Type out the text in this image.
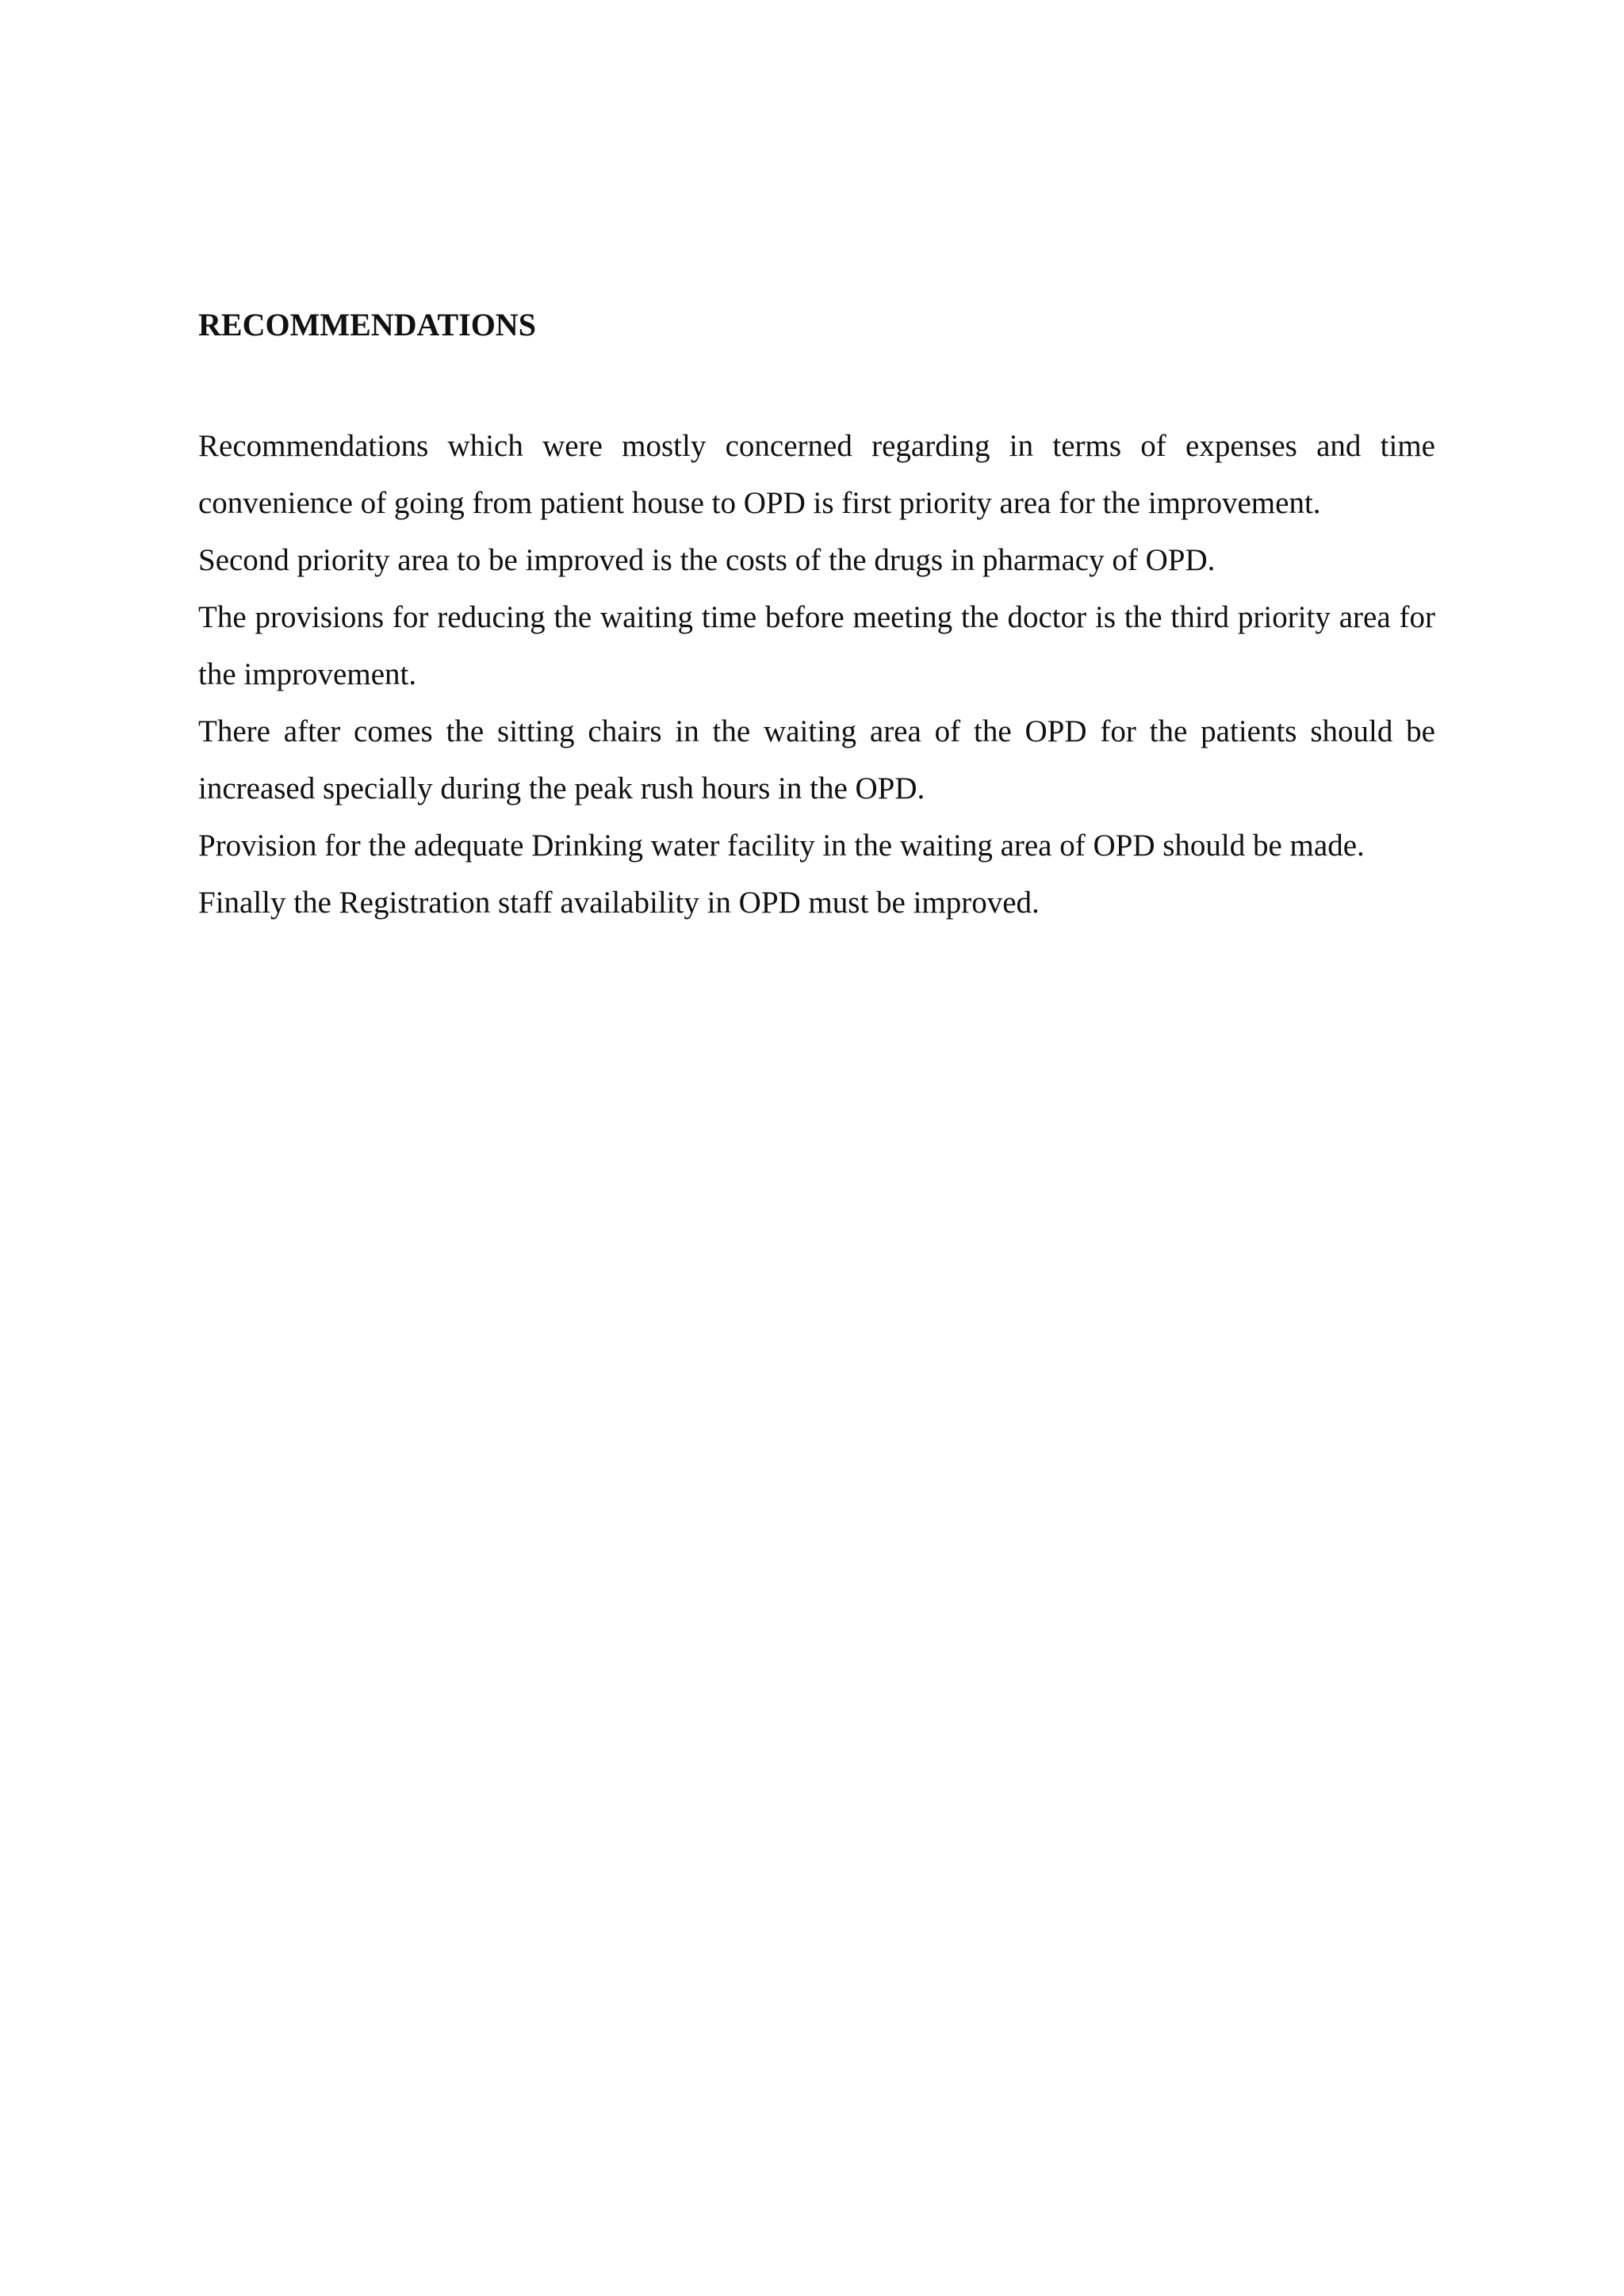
RECOMMENDATIONS

Recommendations which were mostly concerned regarding in terms of expenses and time convenience of going from patient house to OPD is first priority area for the improvement.

Second priority area to be improved is the costs of the drugs in pharmacy of OPD.

The provisions for reducing the waiting time before meeting the doctor is the third priority area for the improvement.

There after comes the sitting chairs in the waiting area of the OPD for the patients should be increased specially during the peak rush hours in the OPD.

Provision for the adequate Drinking water facility in the waiting area of OPD should be made.

Finally the Registration staff availability in OPD must be improved.
